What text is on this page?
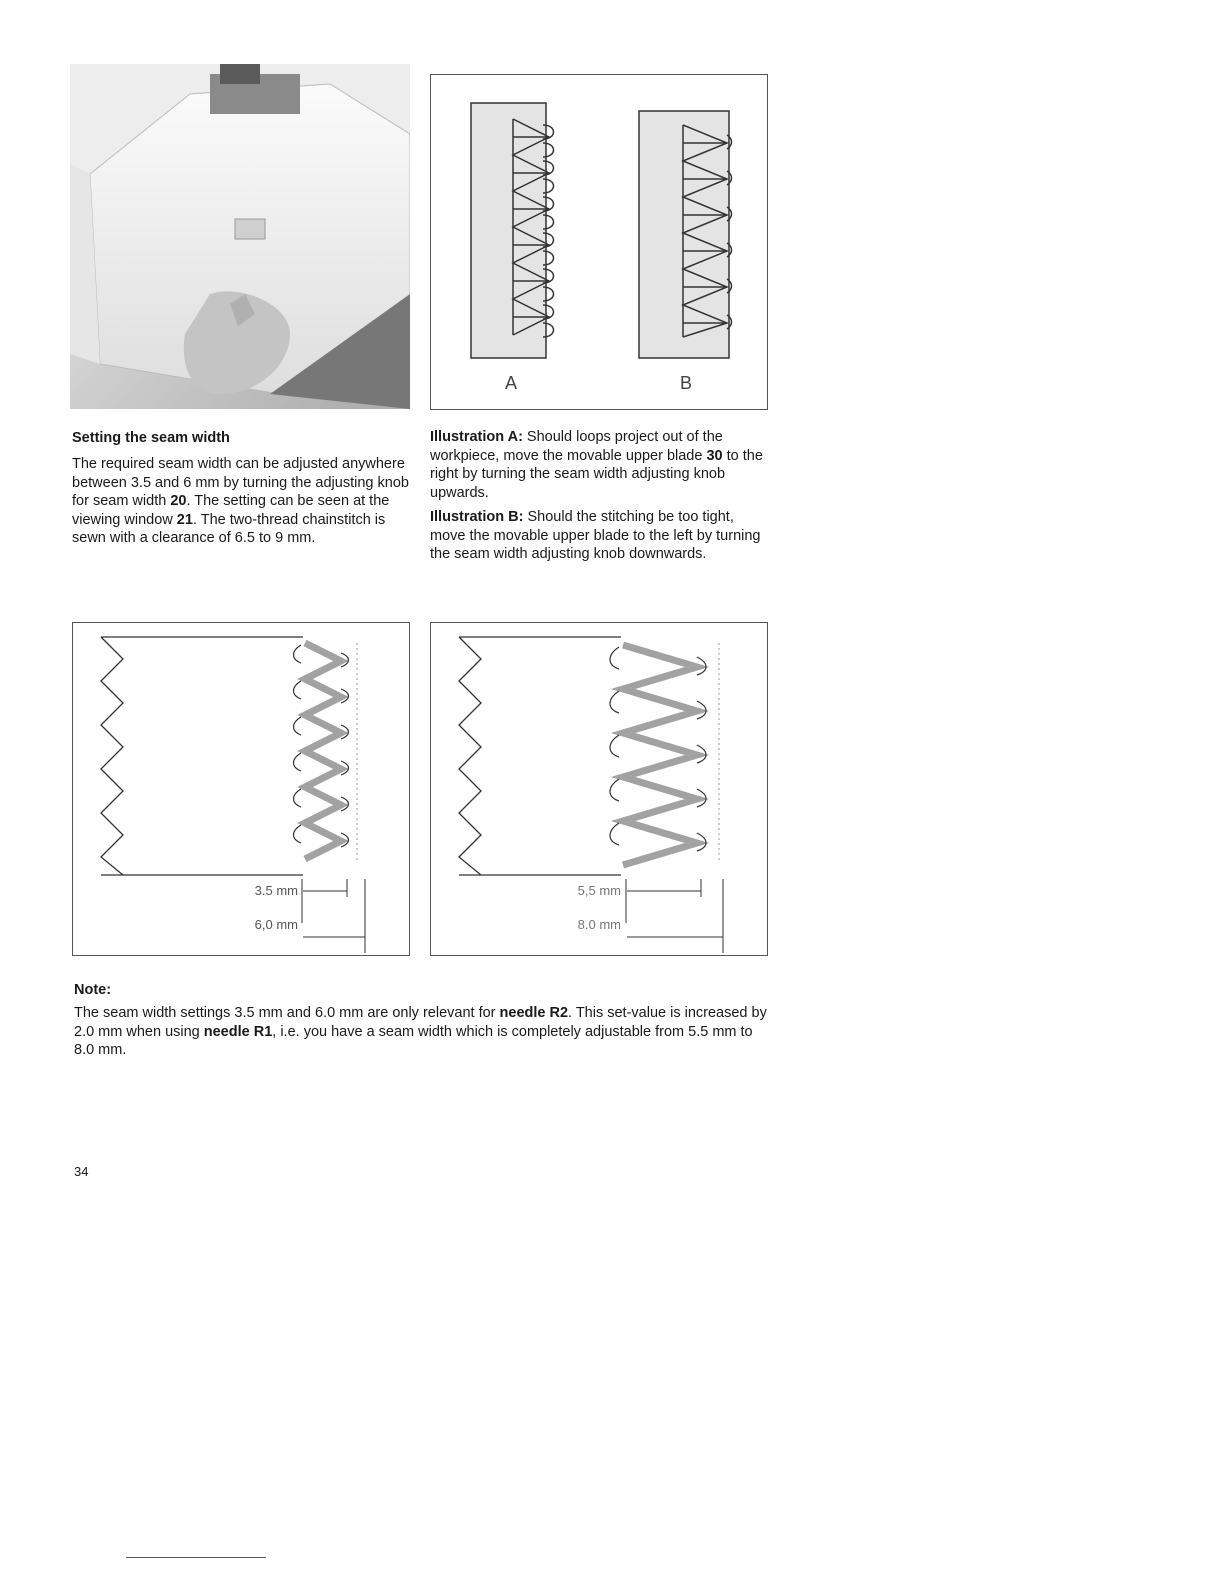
A	B
Setting the seam width

The required seam width can be adjusted anywhere between 3.5 and 6 mm by turning the adjusting knob for seam width 20. The setting can be seen at the viewing window 21. The two-thread chainstitch is sewn with a clearance of 6.5 to 9 mm.

Illustration A: Should loops project out of the workpiece, move the movable upper blade 30 to the right by turning the seam width adjusting knob upwards.

Illustration B: Should the stitching be too tight, move the movable upper blade to the left by turning the seam width adjusting knob downwards.

3.5 mm
6,0 mm
5,5 mm
8.0 mm
Note:

The seam width settings 3.5 mm and 6.0 mm are only relevant for needle R2. This set-value is increased by 2.0 mm when using needle R1, i.e. you have a seam width which is completely adjustable from 5.5 mm to 8.0 mm.

34
